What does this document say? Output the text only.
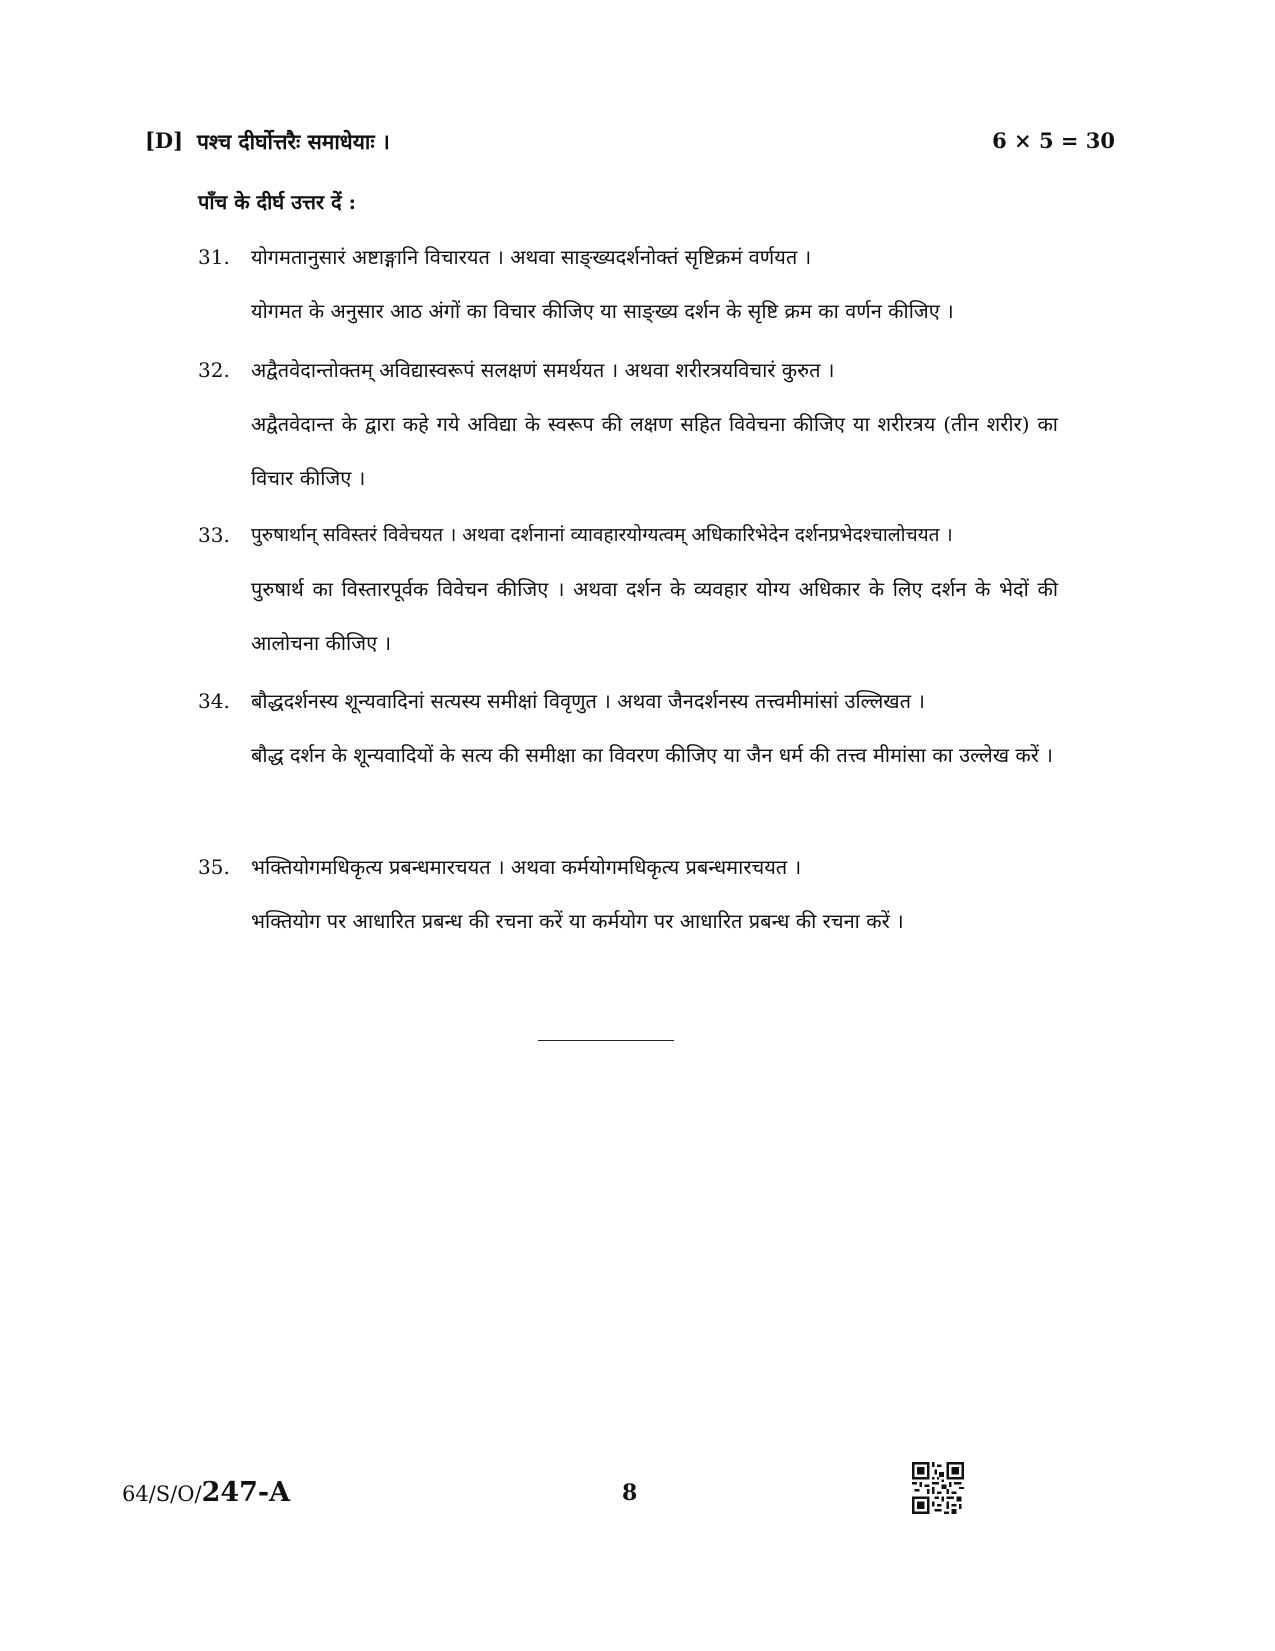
[D] पश्च दीर्घोत्तरैः समाधेयाः ।	6 × 5 = 30
पाँच के दीर्घ उत्तर दें :
31. योगमतानुसारं अष्टाङ्गानि विचारयत । अथवा साङ्ख्यदर्शनोक्तं सृष्टिक्रमं वर्णयत ।
योगमत के अनुसार आठ अंगों का विचार कीजिए या साङ्ख्य दर्शन के सृष्टि क्रम का वर्णन कीजिए ।
32. अद्वैतवेदान्तोक्तम् अविद्यास्वरूपं सलक्षणं समर्थयत । अथवा शरीरत्रयविचारं कुरुत ।
अद्वैतवेदान्त के द्वारा कहे गये अविद्या के स्वरूप की लक्षण सहित विवेचना कीजिए या शरीरत्रय (तीन शरीर) का विचार कीजिए ।
33. पुरुषार्थान् सविस्तरं विवेचयत । अथवा दर्शनानां व्यावहारयोग्यत्वम् अधिकारिभेदेन दर्शनप्रभेदश्चालोचयत ।
पुरुषार्थ का विस्तारपूर्वक विवेचन कीजिए । अथवा दर्शन के व्यवहार योग्य अधिकार के लिए दर्शन के भेदों की आलोचना कीजिए ।
34. बौद्धदर्शनस्य शून्यवादिनां सत्यस्य समीक्षां विवृणुत । अथवा जैनदर्शनस्य तत्त्वमीमांसां उल्लिखत ।
बौद्ध दर्शन के शून्यवादियों के सत्य की समीक्षा का विवरण कीजिए या जैन धर्म की तत्त्व मीमांसा का उल्लेख करें ।
35. भक्तियोगमधिकृत्य प्रबन्धमारचयत । अथवा कर्मयोगमधिकृत्य प्रबन्धमारचयत ।
भक्तियोग पर आधारित प्रबन्ध की रचना करें या कर्मयोग पर आधारित प्रबन्ध की रचना करें ।
64/S/O/247-A	8
